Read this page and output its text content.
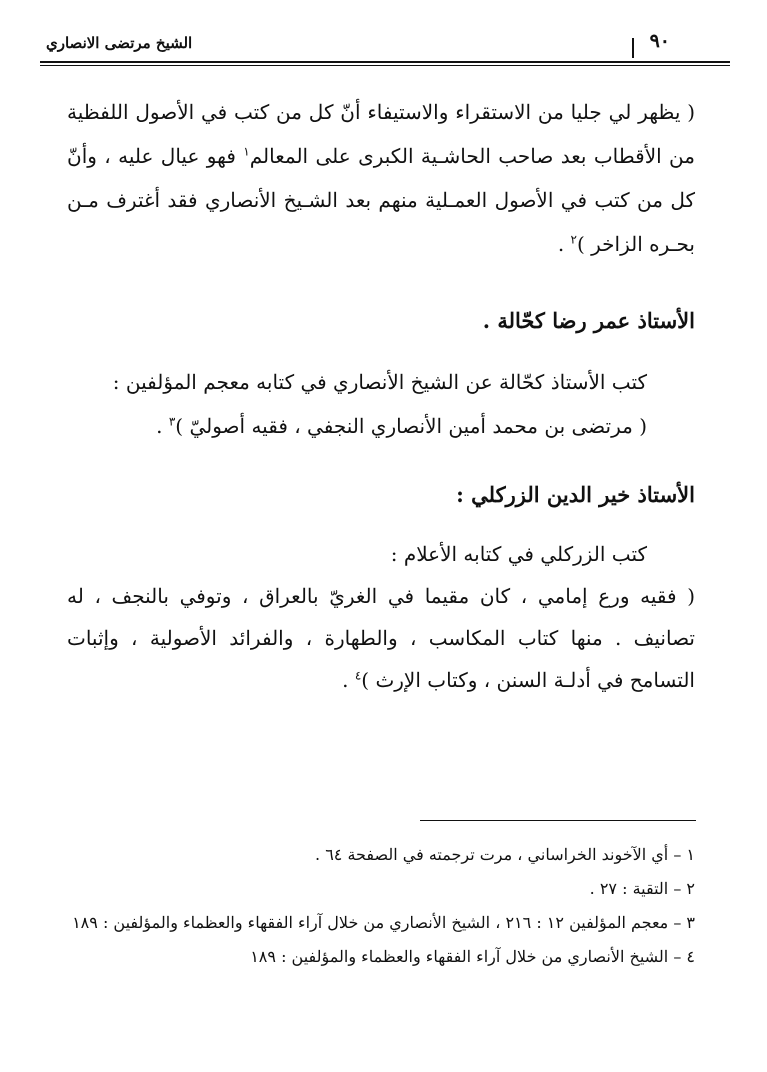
٩٠
الشيخ مرتضى الانصاري
( يظهر لي جليا من الاستقراء والاستيفاء أنّ كل من كتب في الأصول اللفظية من الأقطاب بعد صاحب الحاشـية الكبرى على المعالم$^١$ فهو عيال عليه ، وأنّ كل من كتب في الأصول العمـلية منهم بعد الشـيخ الأنصاري فقد أغترف مـن بحـره الزاخر )$^٢$ .
الأستاذ عمر رضا كحّالة .
كتب الأستاذ كحّالة عن الشيخ الأنصاري في كتابه معجم المؤلفين :
( مرتضى بن محمد أمين الأنصاري النجفي ، فقيه أصوليّ )$^٣$ .
الأستاذ خير الدين الزركلي :
كتب الزركلي في كتابه الأعلام :
( فقيه ورع إمامي ، كان مقيما في الغريّ بالعراق ، وتوفي بالنجف ، له تصانيف . منها كتاب المكاسب ، والطهارة ، والفرائد الأصولية ، وإثبات التسامح في أدلـة السنن ، وكتاب الإرث )$^٤$ .
١ – أي الآخوند الخراساني ، مرت ترجمته في الصفحة ٦٤ .
٢ – التقية : ٢٧ .
٣ – معجم المؤلفين ١٢ : ٢١٦ ، الشيخ الأنصاري من خلال آراء الفقهاء والعظماء والمؤلفين : ١٨٩
٤ – الشيخ الأنصاري من خلال آراء الفقهاء والعظماء والمؤلفين : ١٨٩
